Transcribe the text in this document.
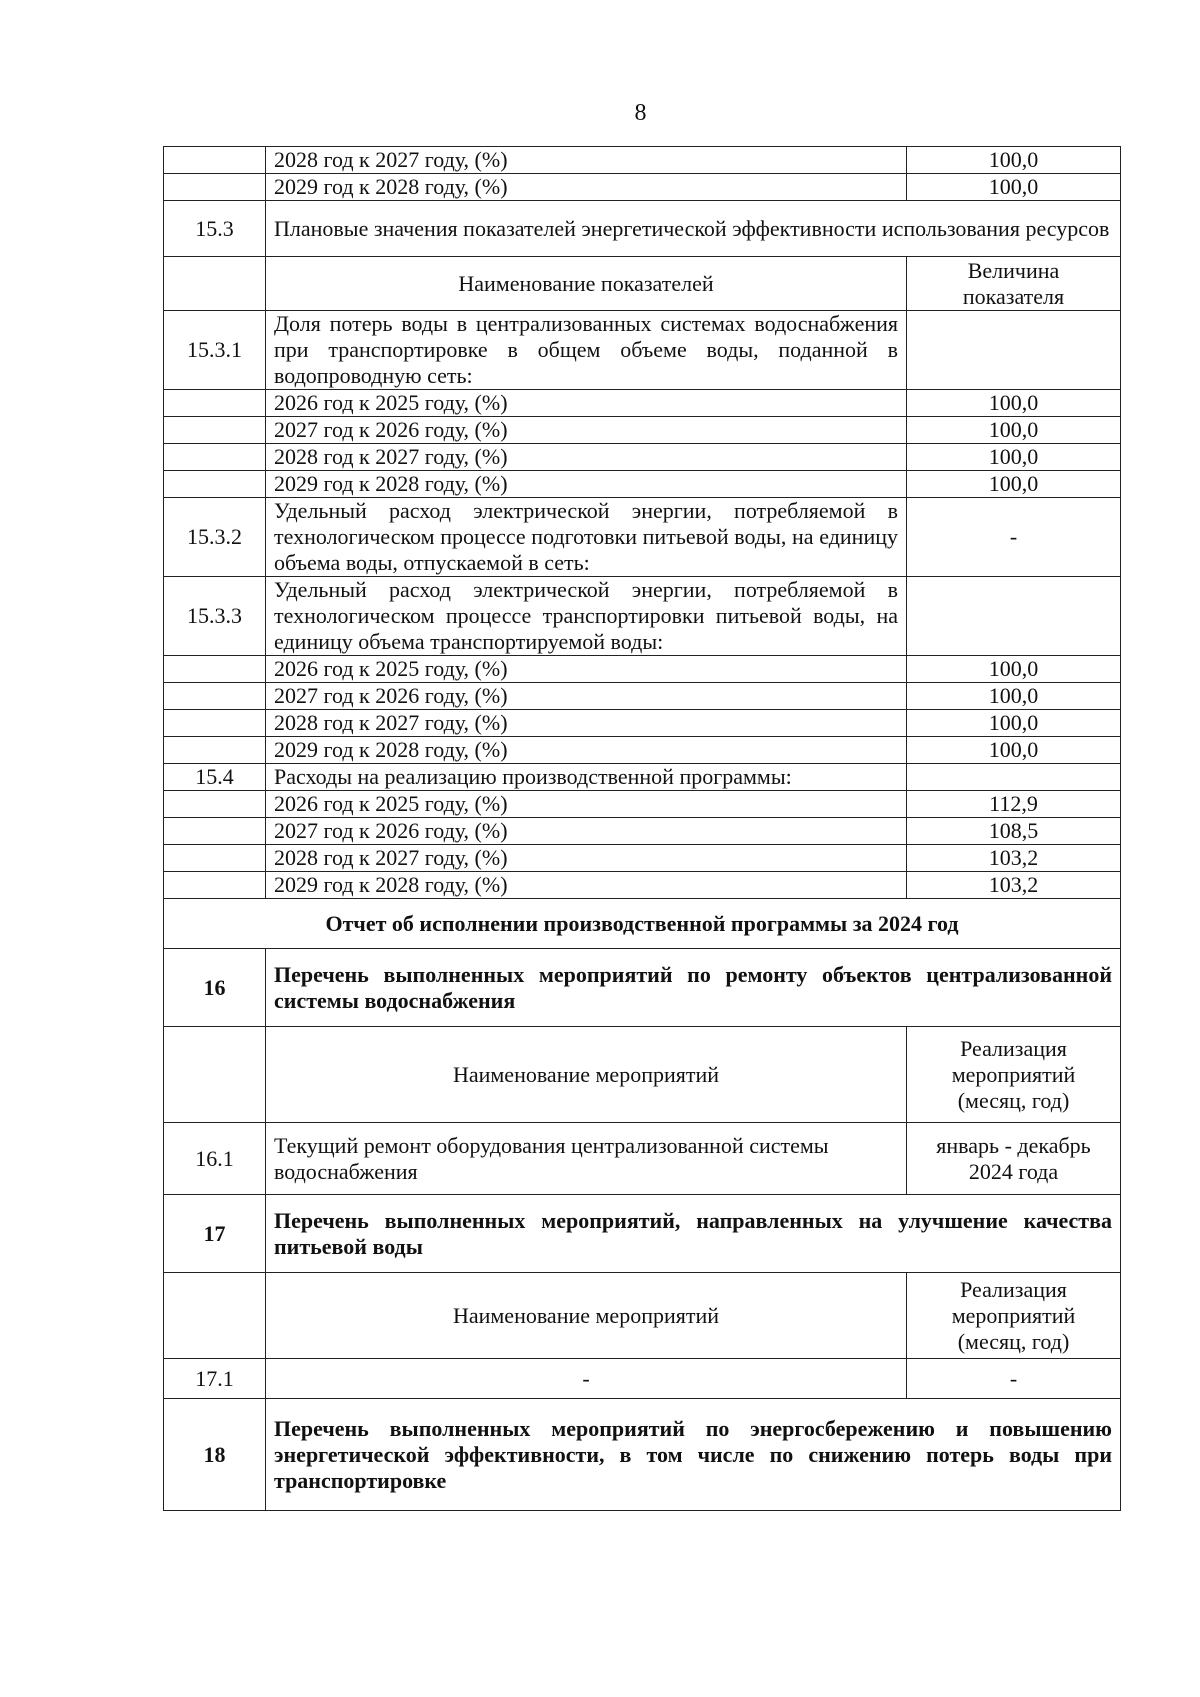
8
	2028 год к 2027 году, (%)	100,0
	2029 год к 2028 году, (%)	100,0
15.3	Плановые значения показателей энергетической эффективности использования ресурсов	
	Наименование показателей	Величина показателя
15.3.1	Доля потерь воды в централизованных системах водоснабжения при транспортировке в общем объеме воды, поданной в водопроводную сеть:	
	2026 год к 2025 году, (%)	100,0
	2027 год к 2026 году, (%)	100,0
	2028 год к 2027 году, (%)	100,0
	2029 год к 2028 году, (%)	100,0
15.3.2	Удельный расход электрической энергии, потребляемой в технологическом процессе подготовки питьевой воды, на единицу объема воды, отпускаемой в сеть:	-
15.3.3	Удельный расход электрической энергии, потребляемой в технологическом процессе транспортировки питьевой воды, на единицу объема транспортируемой воды:	
	2026 год к 2025 году, (%)	100,0
	2027 год к 2026 году, (%)	100,0
	2028 год к 2027 году, (%)	100,0
	2029 год к 2028 году, (%)	100,0
15.4	Расходы на реализацию производственной программы:	
	2026 год к 2025 году, (%)	112,9
	2027 год к 2026 году, (%)	108,5
	2028 год к 2027 году, (%)	103,2
	2029 год к 2028 году, (%)	103,2
Отчет об исполнении производственной программы за 2024 год		
16	Перечень выполненных мероприятий по ремонту объектов централизованной системы водоснабжения	
	Наименование мероприятий	Реализация мероприятий (месяц, год)
16.1	Текущий ремонт оборудования централизованной системы водоснабжения	январь - декабрь 2024 года
17	Перечень выполненных мероприятий, направленных на улучшение качества питьевой воды	
	Наименование мероприятий	Реализация мероприятий (месяц, год)
17.1	-	-
18	Перечень выполненных мероприятий по энергосбережению и повышению энергетической эффективности, в том числе по снижению потерь воды при транспортировке	
